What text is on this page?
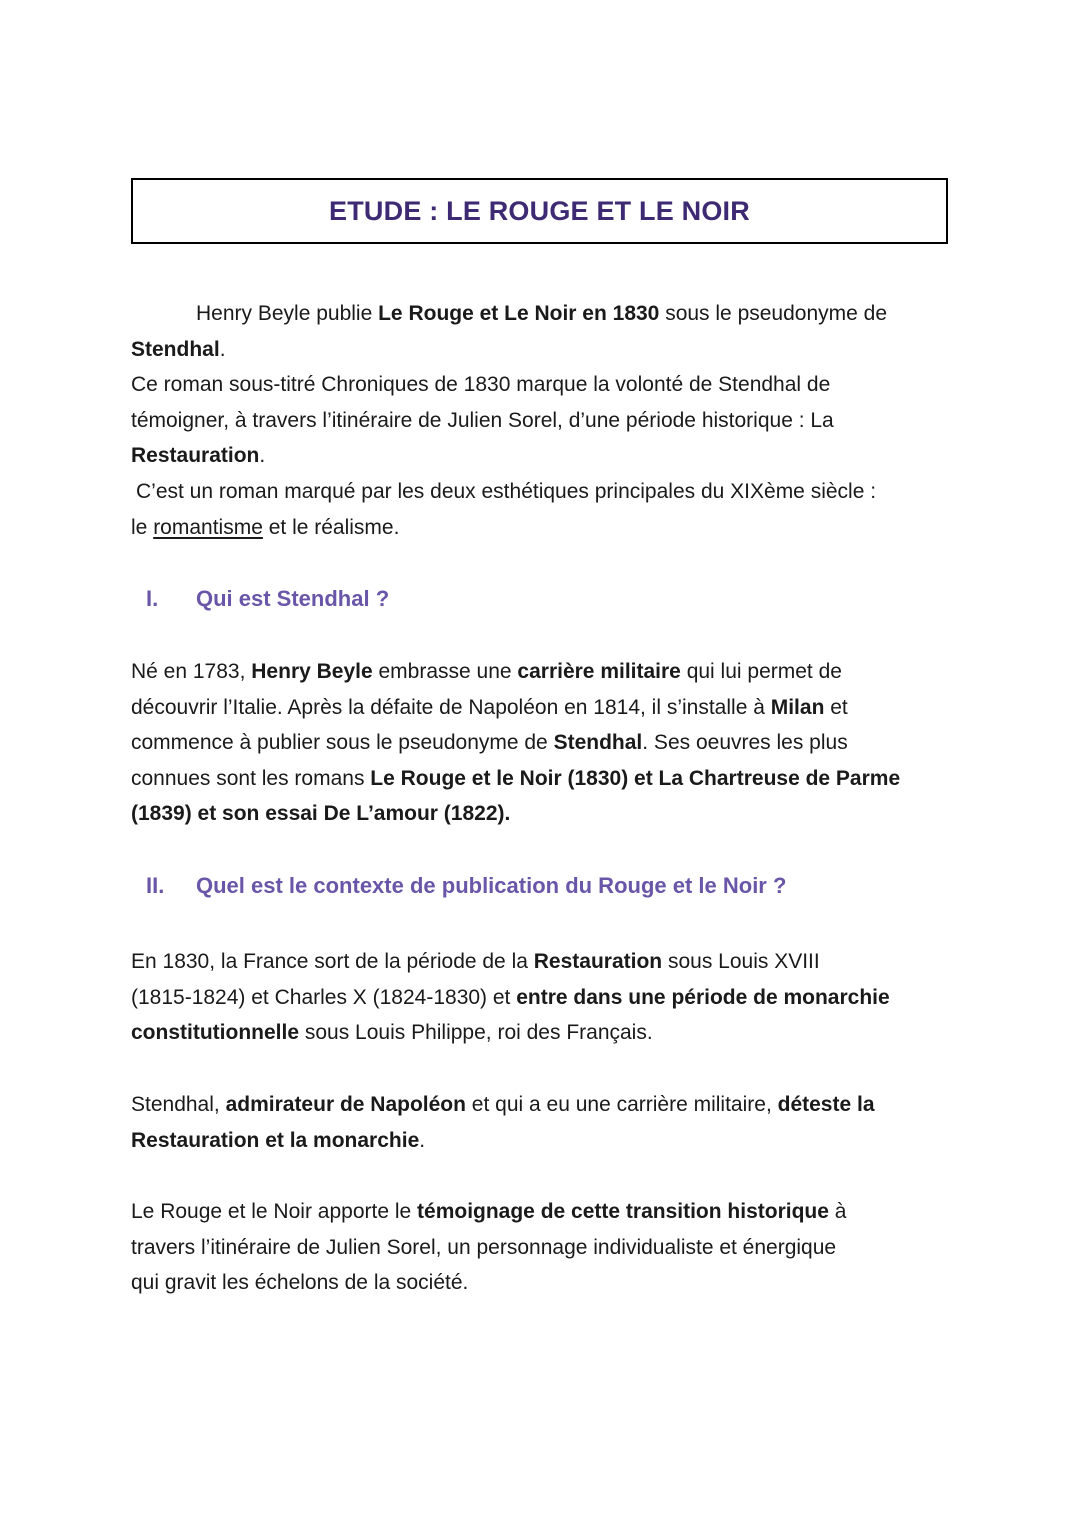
ETUDE : LE ROUGE ET LE NOIR
Henry Beyle publie Le Rouge et Le Noir en 1830 sous le pseudonyme de
Stendhal.
Ce roman sous-titré Chroniques de 1830 marque la volonté de Stendhal de
témoigner, à travers l’itinéraire de Julien Sorel, d’une période historique : La
Restauration.
C’est un roman marqué par les deux esthétiques principales du XIXème siècle :
le romantisme et le réalisme.
I.	Qui est Stendhal ?
Né en 1783, Henry Beyle embrasse une carrière militaire qui lui permet de
découvrir l’Italie. Après la défaite de Napoléon en 1814, il s’installe à Milan et
commence à publier sous le pseudonyme de Stendhal. Ses oeuvres les plus
connues sont les romans Le Rouge et le Noir (1830) et La Chartreuse de Parme
(1839) et son essai De L’amour (1822).
II.	Quel est le contexte de publication du Rouge et le Noir ?
En 1830, la France sort de la période de la Restauration sous Louis XVIII
(1815-1824) et Charles X (1824-1830) et entre dans une période de monarchie
constitutionnelle sous Louis Philippe, roi des Français.
Stendhal, admirateur de Napoléon et qui a eu une carrière militaire, déteste la
Restauration et la monarchie.
Le Rouge et le Noir apporte le témoignage de cette transition historique à
travers l’itinéraire de Julien Sorel, un personnage individualiste et énergique
qui gravit les échelons de la société.
